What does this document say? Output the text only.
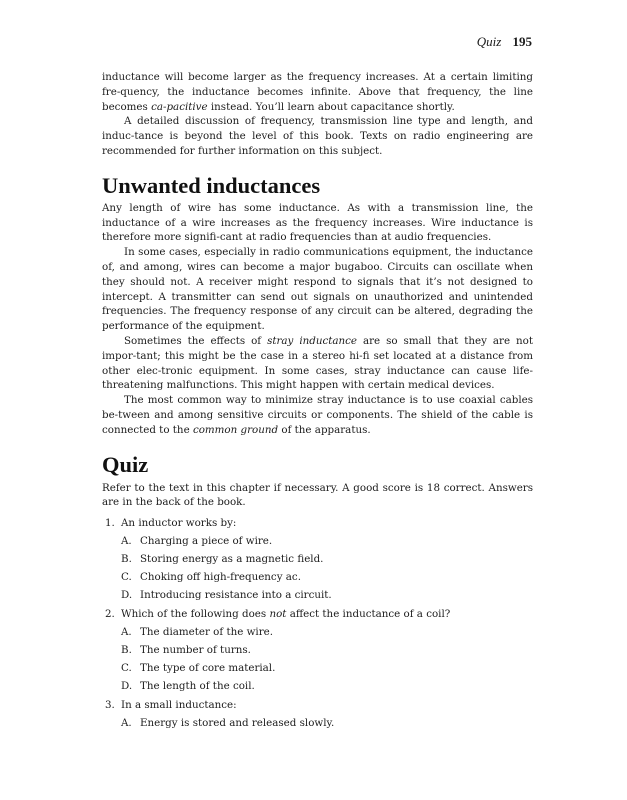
Quiz 195

inductance will become larger as the frequency increases. At a certain limiting fre-quency, the inductance becomes infinite. Above that frequency, the line becomes ca-pacitive instead. You’ll learn about capacitance shortly.

A detailed discussion of frequency, transmission line type and length, and induc-tance is beyond the level of this book. Texts on radio engineering are recommended for further information on this subject.

Unwanted inductances

Any length of wire has some inductance. As with a transmission line, the inductance of a wire increases as the frequency increases. Wire inductance is therefore more signifi-cant at radio frequencies than at audio frequencies.

In some cases, especially in radio communications equipment, the inductance of, and among, wires can become a major bugaboo. Circuits can oscillate when they should not. A receiver might respond to signals that it’s not designed to intercept. A transmitter can send out signals on unauthorized and unintended frequencies. The frequency response of any circuit can be altered, degrading the performance of the equipment.

Sometimes the effects of stray inductance are so small that they are not impor-tant; this might be the case in a stereo hi-fi set located at a distance from other elec-tronic equipment. In some cases, stray inductance can cause life-threatening malfunctions. This might happen with certain medical devices.

The most common way to minimize stray inductance is to use coaxial cables be-tween and among sensitive circuits or components. The shield of the cable is connected to the common ground of the apparatus.

Quiz

Refer to the text in this chapter if necessary. A good score is 18 correct. Answers are in the back of the book.

1. An inductor works by:
A. Charging a piece of wire.
B. Storing energy as a magnetic field.
C. Choking off high-frequency ac.
D. Introducing resistance into a circuit.
2. Which of the following does not affect the inductance of a coil?
A. The diameter of the wire.
B. The number of turns.
C. The type of core material.
D. The length of the coil.
3. In a small inductance:
A. Energy is stored and released slowly.
